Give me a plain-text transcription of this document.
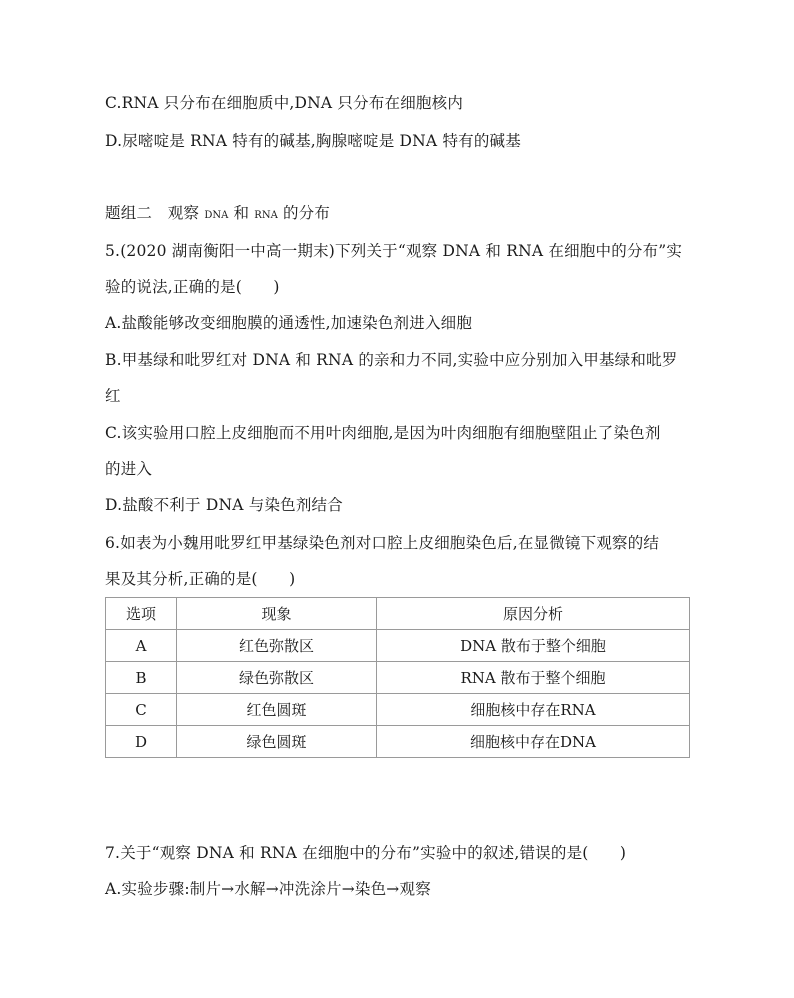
C.RNA 只分布在细胞质中,DNA 只分布在细胞核内
D.尿嘧啶是 RNA 特有的碱基,胸腺嘧啶是 DNA 特有的碱基
题组二　观察 DNA 和 RNA 的分布
5.(2020 湖南衡阳一中高一期末)下列关于“观察 DNA 和 RNA 在细胞中的分布”实
验的说法,正确的是(　　)
A.盐酸能够改变细胞膜的通透性,加速染色剂进入细胞
B.甲基绿和吡罗红对 DNA 和 RNA 的亲和力不同,实验中应分别加入甲基绿和吡罗
红
C.该实验用口腔上皮细胞而不用叶肉细胞,是因为叶肉细胞有细胞壁阻止了染色剂
的进入
D.盐酸不利于 DNA 与染色剂结合
6.如表为小魏用吡罗红甲基绿染色剂对口腔上皮细胞染色后,在显微镜下观察的结
果及其分析,正确的是(　　)
选项	现象	原因分析
A	红色弥散区	DNA 散布于整个细胞
B	绿色弥散区	RNA 散布于整个细胞
C	红色圆斑	细胞核中存在RNA
D	绿色圆斑	细胞核中存在DNA
7.关于“观察 DNA 和 RNA 在细胞中的分布”实验中的叙述,错误的是(　　)
A.实验步骤:制片→水解→冲洗涂片→染色→观察
